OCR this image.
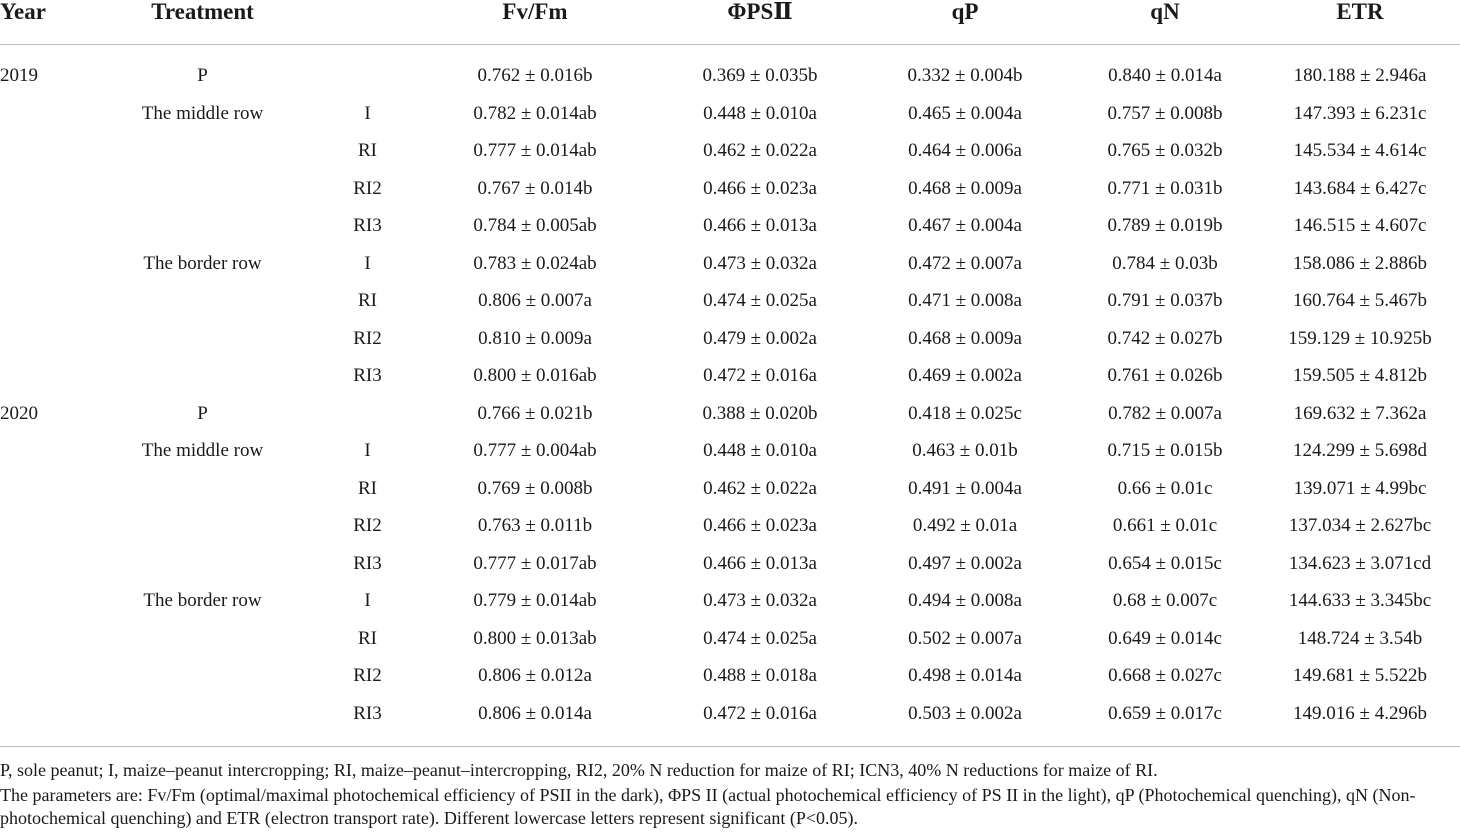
Year	Treatment		Fv/Fm	ΦPSⅡ	qP	qN	ETR
2019	P		0.762 ± 0.016b	0.369 ± 0.035b	0.332 ± 0.004b	0.840 ± 0.014a	180.188 ± 2.946a
	The middle row	I	0.782 ± 0.014ab	0.448 ± 0.010a	0.465 ± 0.004a	0.757 ± 0.008b	147.393 ± 6.231c
		RI	0.777 ± 0.014ab	0.462 ± 0.022a	0.464 ± 0.006a	0.765 ± 0.032b	145.534 ± 4.614c
		RI2	0.767 ± 0.014b	0.466 ± 0.023a	0.468 ± 0.009a	0.771 ± 0.031b	143.684 ± 6.427c
		RI3	0.784 ± 0.005ab	0.466 ± 0.013a	0.467 ± 0.004a	0.789 ± 0.019b	146.515 ± 4.607c
	The border row	I	0.783 ± 0.024ab	0.473 ± 0.032a	0.472 ± 0.007a	0.784 ± 0.03b	158.086 ± 2.886b
		RI	0.806 ± 0.007a	0.474 ± 0.025a	0.471 ± 0.008a	0.791 ± 0.037b	160.764 ± 5.467b
		RI2	0.810 ± 0.009a	0.479 ± 0.002a	0.468 ± 0.009a	0.742 ± 0.027b	159.129 ± 10.925b
		RI3	0.800 ± 0.016ab	0.472 ± 0.016a	0.469 ± 0.002a	0.761 ± 0.026b	159.505 ± 4.812b
2020	P		0.766 ± 0.021b	0.388 ± 0.020b	0.418 ± 0.025c	0.782 ± 0.007a	169.632 ± 7.362a
	The middle row	I	0.777 ± 0.004ab	0.448 ± 0.010a	0.463 ± 0.01b	0.715 ± 0.015b	124.299 ± 5.698d
		RI	0.769 ± 0.008b	0.462 ± 0.022a	0.491 ± 0.004a	0.66 ± 0.01c	139.071 ± 4.99bc
		RI2	0.763 ± 0.011b	0.466 ± 0.023a	0.492 ± 0.01a	0.661 ± 0.01c	137.034 ± 2.627bc
		RI3	0.777 ± 0.017ab	0.466 ± 0.013a	0.497 ± 0.002a	0.654 ± 0.015c	134.623 ± 3.071cd
	The border row	I	0.779 ± 0.014ab	0.473 ± 0.032a	0.494 ± 0.008a	0.68 ± 0.007c	144.633 ± 3.345bc
		RI	0.800 ± 0.013ab	0.474 ± 0.025a	0.502 ± 0.007a	0.649 ± 0.014c	148.724 ± 3.54b
		RI2	0.806 ± 0.012a	0.488 ± 0.018a	0.498 ± 0.014a	0.668 ± 0.027c	149.681 ± 5.522b
		RI3	0.806 ± 0.014a	0.472 ± 0.016a	0.503 ± 0.002a	0.659 ± 0.017c	149.016 ± 4.296b
P, sole peanut; I, maize–peanut intercropping; RI, maize–peanut–intercropping, RI2, 20% N reduction for maize of RI; ICN3, 40% N reductions for maize of RI.
The parameters are: Fv/Fm (optimal/maximal photochemical efficiency of PSII in the dark), ΦPS II (actual photochemical efficiency of PS II in the light), qP (Photochemical quenching), qN (Non-photochemical quenching) and ETR (electron transport rate). Different lowercase letters represent significant (P<0.05).
